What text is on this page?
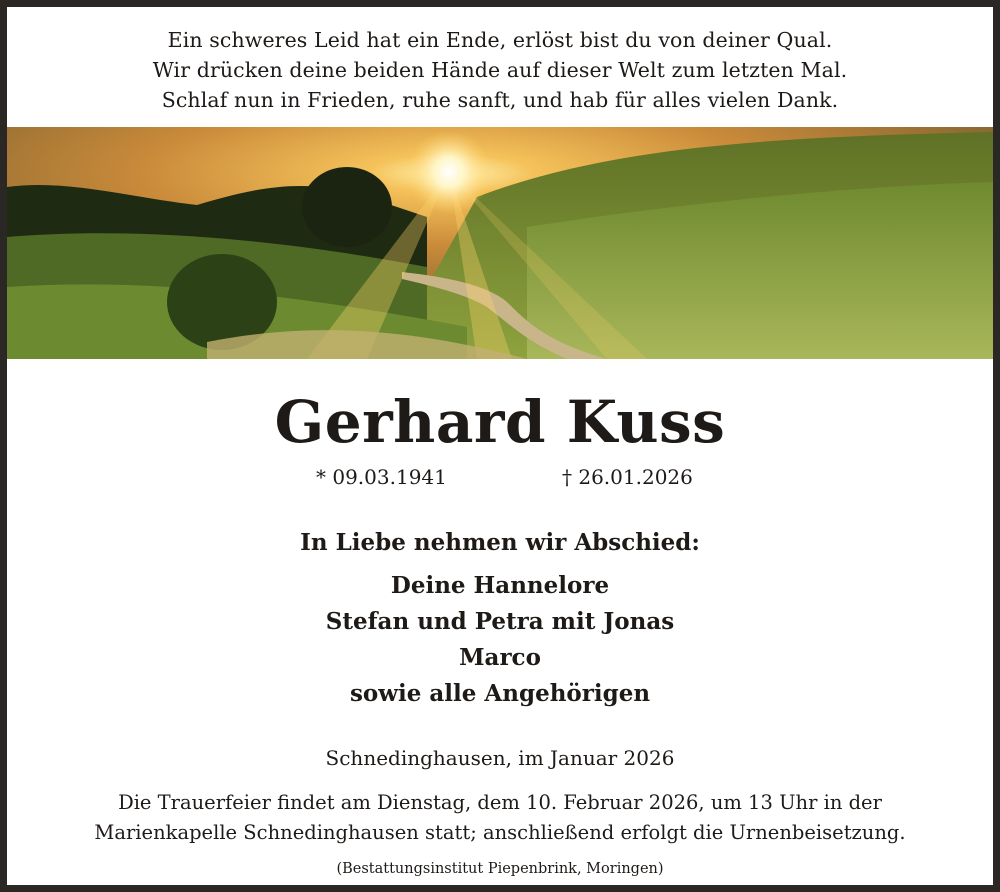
Ein schweres Leid hat ein Ende, erlöst bist du von deiner Qual.
Wir drücken deine beiden Hände auf dieser Welt zum letzten Mal.
Schlaf nun in Frieden, ruhe sanft, und hab für alles vielen Dank.
Gerhard Kuss
* 09.03.1941	† 26.01.2026
In Liebe nehmen wir Abschied:
Deine Hannelore
Stefan und Petra mit Jonas
Marco
sowie alle Angehörigen
Schnedinghausen, im Januar 2026
Die Trauerfeier findet am Dienstag, dem 10. Februar 2026, um 13 Uhr in der
Marienkapelle Schnedinghausen statt; anschließend erfolgt die Urnenbeisetzung.
(Bestattungsinstitut Piepenbrink, Moringen)
